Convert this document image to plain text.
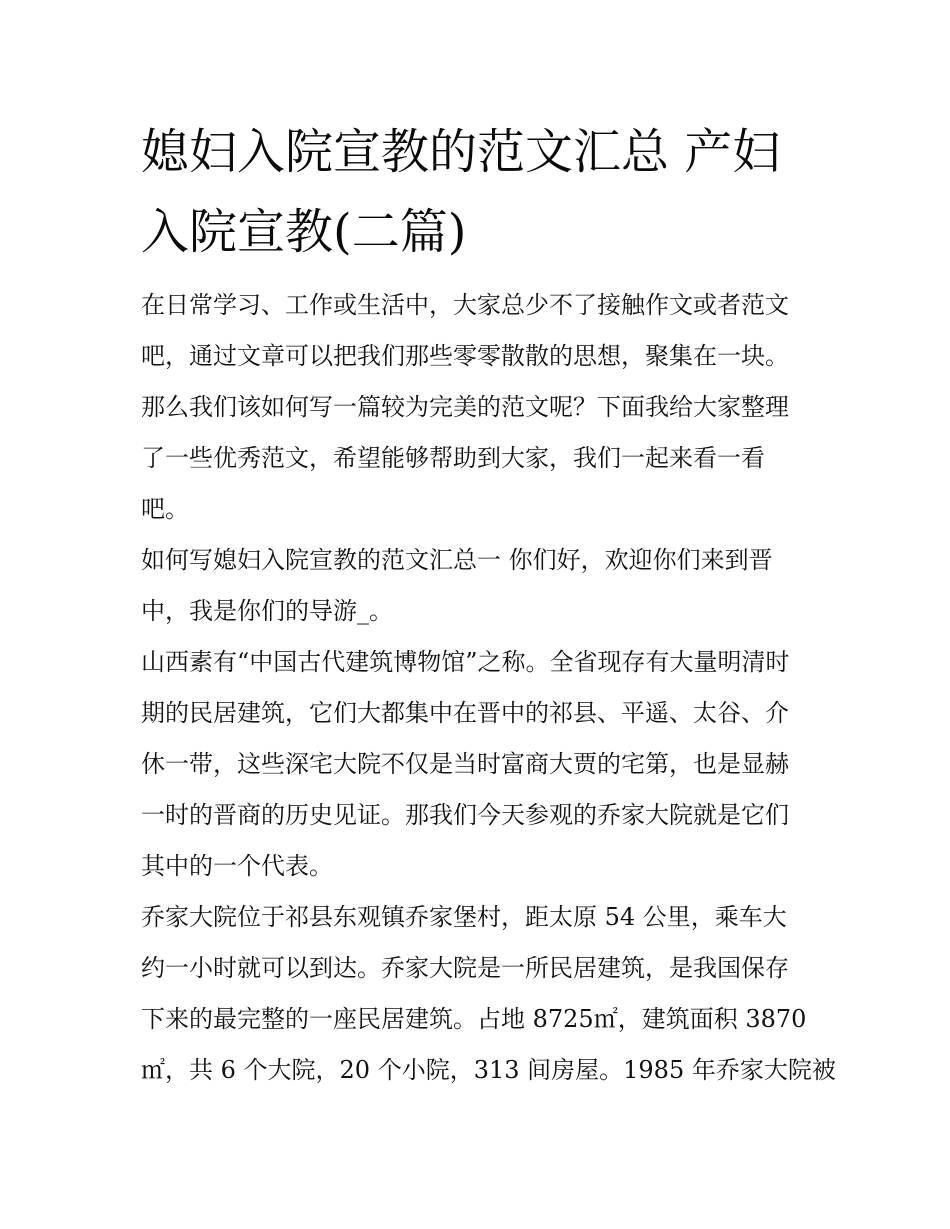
媳妇入院宣教的范文汇总 产妇
入院宣教(二篇)
在日常学习、工作或生活中，大家总少不了接触作文或者范文
吧，通过文章可以把我们那些零零散散的思想，聚集在一块。
那么我们该如何写一篇较为完美的范文呢？下面我给大家整理
了一些优秀范文，希望能够帮助到大家，我们一起来看一看
吧。
如何写媳妇入院宣教的范文汇总一 你们好，欢迎你们来到晋
中，我是你们的导游_。
山西素有“中国古代建筑博物馆”之称。全省现存有大量明清时
期的民居建筑，它们大都集中在晋中的祁县、平遥、太谷、介
休一带，这些深宅大院不仅是当时富商大贾的宅第，也是显赫
一时的晋商的历史见证。那我们今天参观的乔家大院就是它们
其中的一个代表。
乔家大院位于祁县东观镇乔家堡村，距太原 54 公里，乘车大
约一小时就可以到达。乔家大院是一所民居建筑，是我国保存
下来的最完整的一座民居建筑。占地 8725㎡，建筑面积 3870
㎡，共 6 个大院，20 个小院，313 间房屋。1985 年乔家大院被
